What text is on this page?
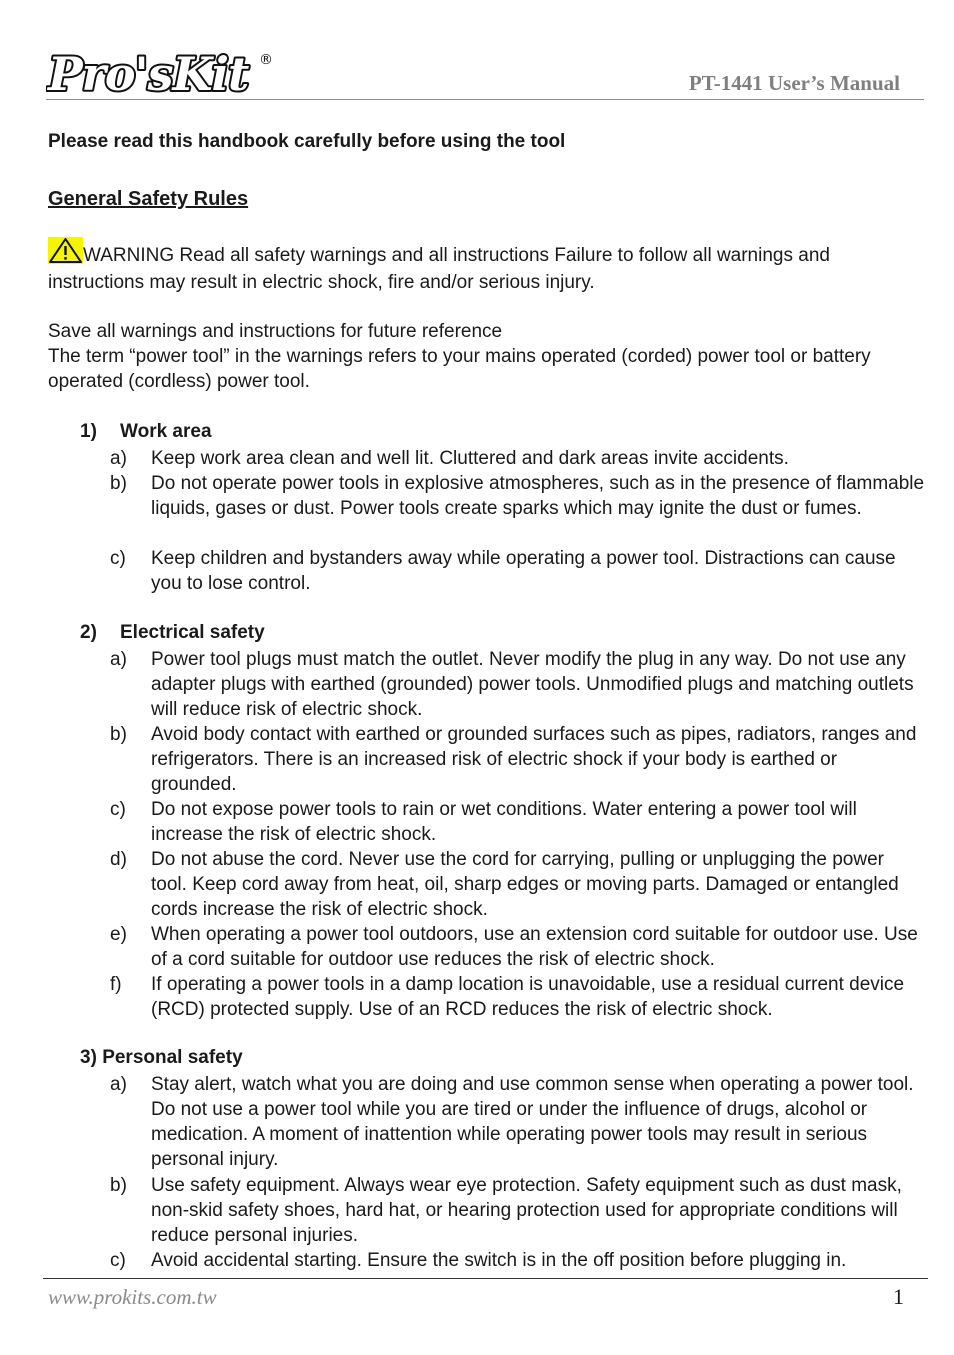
Pro'sKit ®
PT-1441 User’s Manual
Please read this handbook carefully before using the tool
General Safety Rules
WARNING Read all safety warnings and all instructions Failure to follow all warnings and instructions may result in electric shock, fire and/or serious injury.
Save all warnings and instructions for future reference
The term “power tool” in the warnings refers to your mains operated (corded) power tool or battery
operated (cordless) power tool.
1) Work area
a) Keep work area clean and well lit. Cluttered and dark areas invite accidents.
b) Do not operate power tools in explosive atmospheres, such as in the presence of flammable liquids, gases or dust. Power tools create sparks which may ignite the dust or fumes.
c) Keep children and bystanders away while operating a power tool. Distractions can cause you to lose control.
2) Electrical safety
a) Power tool plugs must match the outlet. Never modify the plug in any way. Do not use any adapter plugs with earthed (grounded) power tools. Unmodified plugs and matching outlets will reduce risk of electric shock.
b) Avoid body contact with earthed or grounded surfaces such as pipes, radiators, ranges and refrigerators. There is an increased risk of electric shock if your body is earthed or grounded.
c) Do not expose power tools to rain or wet conditions. Water entering a power tool will increase the risk of electric shock.
d) Do not abuse the cord. Never use the cord for carrying, pulling or unplugging the power tool. Keep cord away from heat, oil, sharp edges or moving parts. Damaged or entangled cords increase the risk of electric shock.
e) When operating a power tool outdoors, use an extension cord suitable for outdoor use. Use of a cord suitable for outdoor use reduces the risk of electric shock.
f) If operating a power tools in a damp location is unavoidable, use a residual current device (RCD) protected supply. Use of an RCD reduces the risk of electric shock.
3) Personal safety
a) Stay alert, watch what you are doing and use common sense when operating a power tool. Do not use a power tool while you are tired or under the influence of drugs, alcohol or medication. A moment of inattention while operating power tools may result in serious personal injury.
b) Use safety equipment. Always wear eye protection. Safety equipment such as dust mask, non-skid safety shoes, hard hat, or hearing protection used for appropriate conditions will reduce personal injuries.
c) Avoid accidental starting. Ensure the switch is in the off position before plugging in.
www.prokits.com.tw	1
